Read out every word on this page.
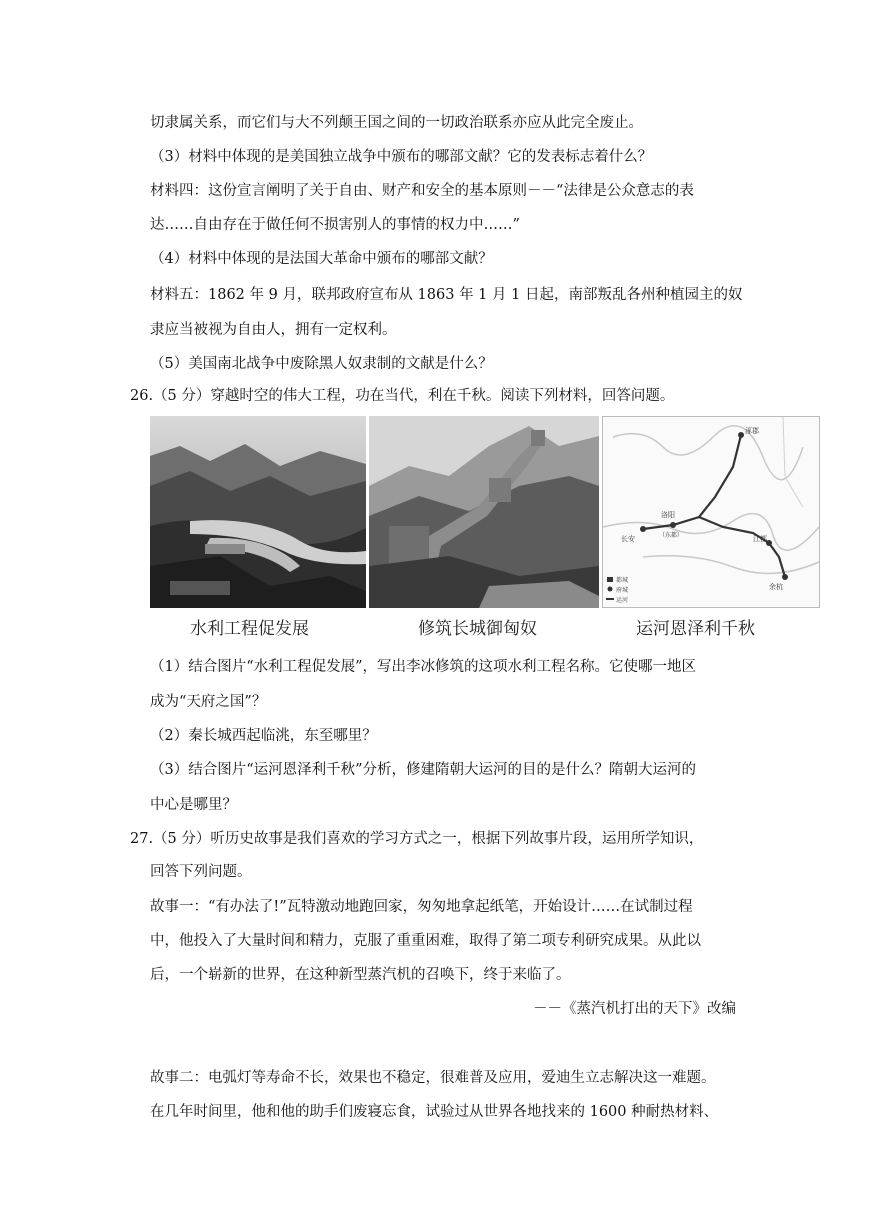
切隶属关系，而它们与大不列颠王国之间的一切政治联系亦应从此完全废止。
（3）材料中体现的是美国独立战争中颁布的哪部文献？它的发表标志着什么？
材料四：这份宣言阐明了关于自由、财产和安全的基本原则－－“法律是公众意志的表
达……自由存在于做任何不损害别人的事情的权力中……”
（4）材料中体现的是法国大革命中颁布的哪部文献？
材料五：1862 年 9 月，联邦政府宣布从 1863 年 1 月 1 日起，南部叛乱各州种植园主的奴
隶应当被视为自由人，拥有一定权利。
（5）美国南北战争中废除黑人奴隶制的文献是什么？
26.（5 分）穿越时空的伟大工程，功在当代，利在千秋。阅读下列材料，回答问题。
涿郡
长安
洛阳
（东都）	江都
余杭
都城
府城
运河
水利工程促发展	修筑长城御匈奴	运河恩泽利千秋
（1）结合图片“水利工程促发展”，写出李冰修筑的这项水利工程名称。它使哪一地区
成为“天府之国”？
（2）秦长城西起临洮，东至哪里？
（3）结合图片“运河恩泽利千秋”分析，修建隋朝大运河的目的是什么？隋朝大运河的
中心是哪里？
27.（5 分）听历史故事是我们喜欢的学习方式之一，根据下列故事片段，运用所学知识，
回答下列问题。
故事一：“有办法了!”瓦特激动地跑回家，匆匆地拿起纸笔，开始设计……在试制过程
中，他投入了大量时间和精力，克服了重重困难，取得了第二项专利研究成果。从此以
后，一个崭新的世界，在这种新型蒸汽机的召唤下，终于来临了。
－－《蒸汽机打出的天下》改编
故事二：电弧灯等寿命不长，效果也不稳定，很难普及应用，爱迪生立志解决这一难题。
在几年时间里，他和他的助手们废寝忘食，试验过从世界各地找来的 1600 种耐热材料、
